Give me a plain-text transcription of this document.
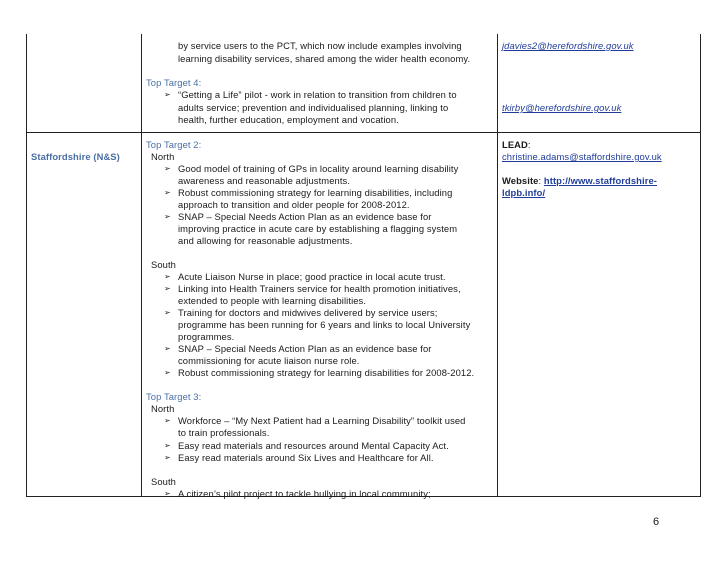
by service users to the PCT, which now include examples involving
learning disability services, shared among the wider health economy.
jdavies2@herefordshire.gov.uk
Top Target 4:
➢
“Getting a Life” pilot - work in relation to transition from children to
adults service; prevention and individualised planning, linking to
health, further education, employment and vocation.
tkirby@herefordshire.gov.uk
Staffordshire (N&S)
Top Target 2:
North
➢
Good model of training of GPs in locality around learning disability
awareness and reasonable adjustments.
➢
Robust commissioning strategy for learning disabilities, including
approach to transition and older people for 2008-2012.
➢
SNAP – Special Needs Action Plan as an evidence base for
improving practice in acute care by establishing a flagging system
and allowing for reasonable adjustments.
South
➢
Acute Liaison Nurse in place; good practice in local acute trust.
➢
Linking into Health Trainers service for health promotion initiatives,
extended to people with learning disabilities.
➢
Training for doctors and midwives delivered by service users;
programme has been running for 6 years and links to local University
programmes.
➢
SNAP – Special Needs Action Plan as an evidence base for
commissioning for acute liaison nurse role.
➢
Robust commissioning strategy for learning disabilities for 2008-2012.
Top Target 3:
North
➢
Workforce – “My Next Patient had a Learning Disability” toolkit used
to train professionals.
➢
Easy read materials and resources around Mental Capacity Act.
➢
Easy read materials around Six Lives and Healthcare for All.
South
➢
A citizen’s pilot project to tackle bullying in local community;
LEAD:
christine.adams@staffordshire.gov.uk
Website: http://www.staffordshire-
ldpb.info/
6
